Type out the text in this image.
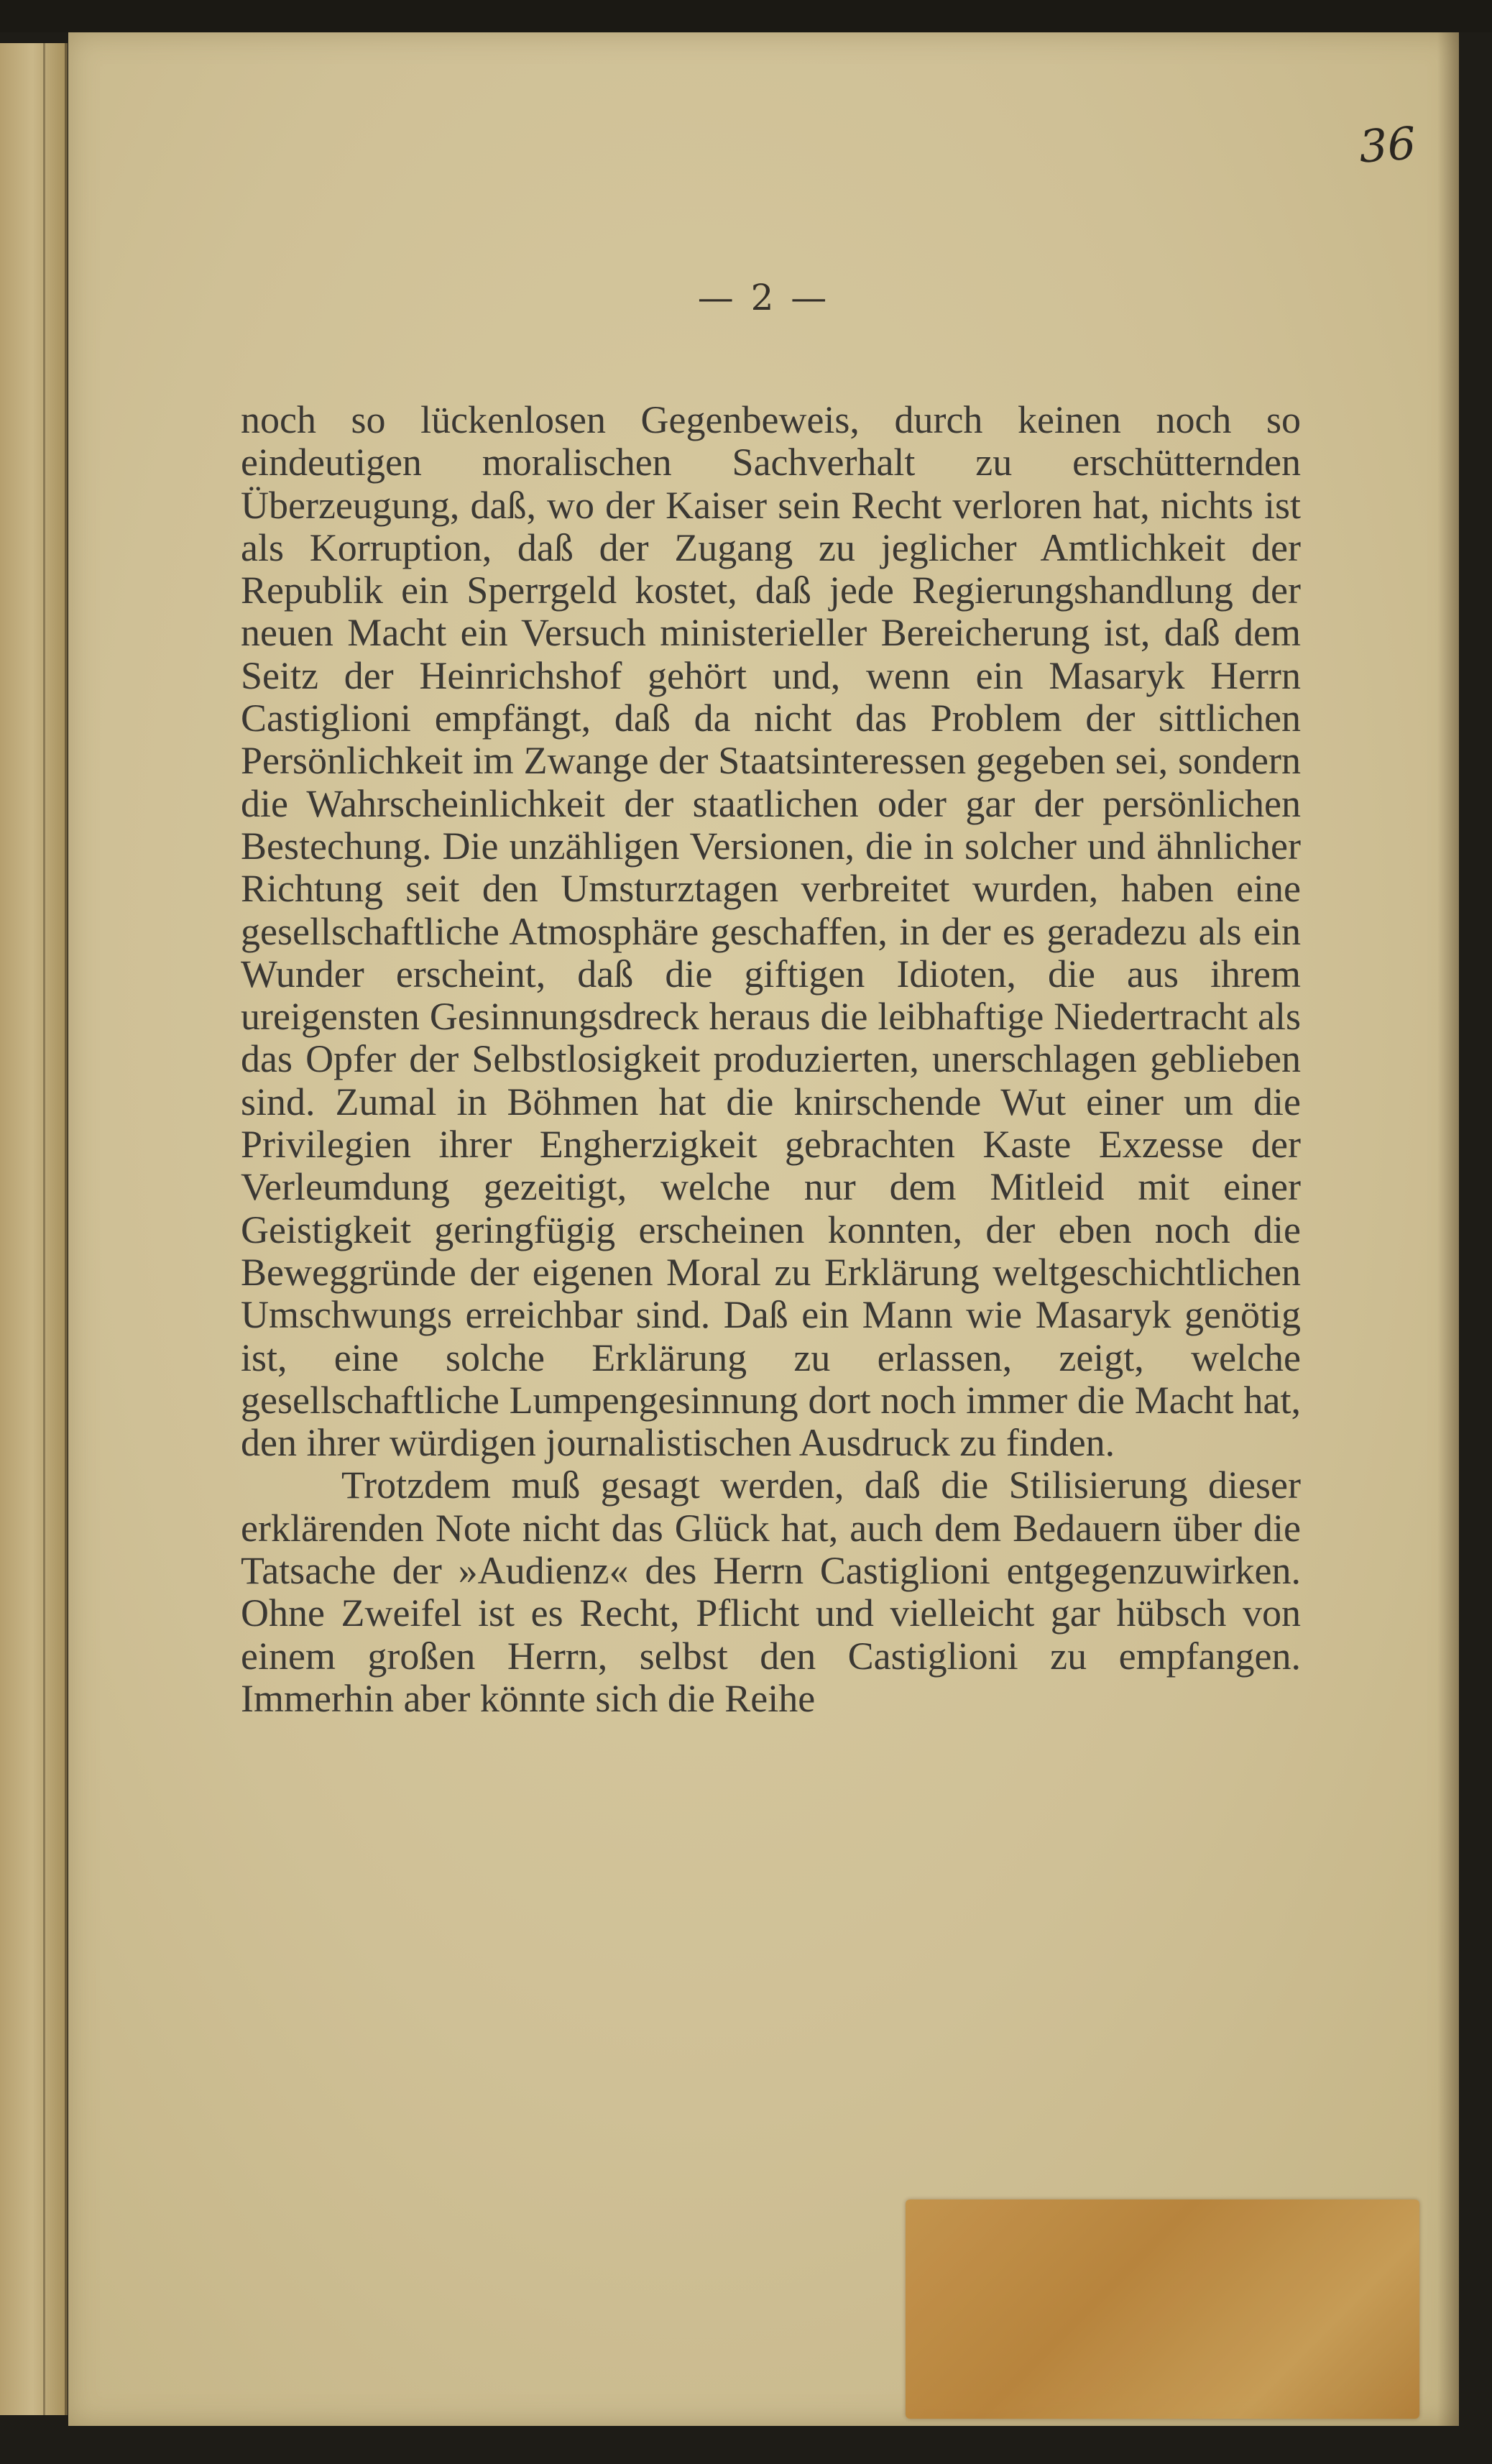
36
— 2 —

noch so lückenlosen Gegenbeweis, durch keinen noch so eindeutigen moralischen Sachverhalt zu erschütternden Überzeugung, daß, wo der Kaiser sein Recht verloren hat, nichts ist als Korruption, daß der Zugang zu jeglicher Amtlichkeit der Republik ein Sperrgeld kostet, daß jede Regierungshandlung der neuen Macht ein Versuch ministerieller Bereicherung ist, daß dem Seitz der Heinrichshof gehört und, wenn ein Masaryk Herrn Castiglioni empfängt, daß da nicht das Problem der sittlichen Persönlichkeit im Zwange der Staatsinteressen gegeben sei, sondern die Wahrscheinlichkeit der staatlichen oder gar der persönlichen Bestechung. Die unzähligen Versionen, die in solcher und ähnlicher Richtung seit den Umsturztagen verbreitet wurden, haben eine gesellschaftliche Atmosphäre geschaffen, in der es geradezu als ein Wunder erscheint, daß die giftigen Idioten, die aus ihrem ureigensten Gesinnungsdreck heraus die leibhaftige Niedertracht als das Opfer der Selbstlosigkeit produzierten, unerschlagen geblieben sind. Zumal in Böhmen hat die knirschende Wut einer um die Privilegien ihrer Engherzigkeit gebrachten Kaste Exzesse der Verleumdung gezeitigt, welche nur dem Mitleid mit einer Geistigkeit geringfügig erscheinen konnten, der eben noch die Beweggründe der eigenen Moral zu Erklärung weltgeschichtlichen Umschwungs erreichbar sind. Daß ein Mann wie Masaryk genötig ist, eine solche Erklärung zu erlassen, zeigt, welche gesellschaftliche Lumpengesinnung dort noch immer die Macht hat, den ihrer würdigen journalistischen Ausdruck zu finden.

Trotzdem muß gesagt werden, daß die Stilisierung dieser erklärenden Note nicht das Glück hat, auch dem Bedauern über die Tatsache der »Audienz« des Herrn Castiglioni entgegenzuwirken. Ohne Zweifel ist es Recht, Pflicht und vielleicht gar hübsch von einem großen Herrn, selbst den Castiglioni zu empfangen. Immerhin aber könnte sich die Reihe
